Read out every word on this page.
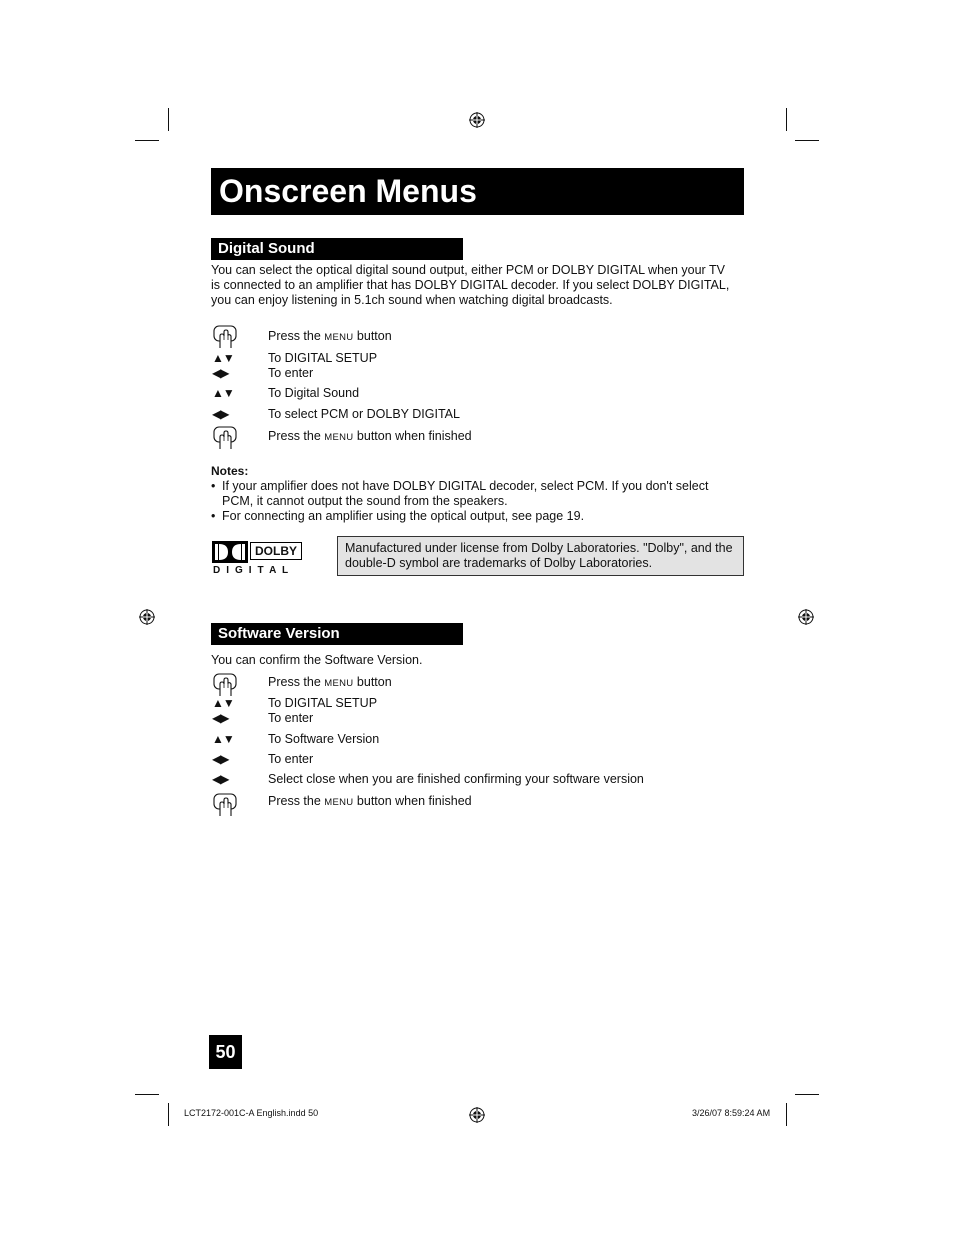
Onscreen Menus
Digital Sound
You can select the optical digital sound output, either PCM or DOLBY DIGITAL when your TV
is connected to an amplifier that has DOLBY DIGITAL decoder. If you select DOLBY DIGITAL,
you can enjoy listening in 5.1ch sound when watching digital broadcasts.
Press the MENU button
▲▼	To DIGITAL SETUP
◀▶	To enter
▲▼	To Digital Sound
◀▶	To select PCM or DOLBY DIGITAL
Press the MENU button when finished
Notes:
• If your amplifier does not have DOLBY DIGITAL decoder, select PCM. If you don't select PCM, it cannot output the sound from the speakers.
• For connecting an amplifier using the optical output, see page 19.
DOLBY
D I G I T A L
Manufactured under license from Dolby Laboratories. "Dolby", and the double-D symbol are trademarks of Dolby Laboratories.
Software Version
You can confirm the Software Version.
Press the MENU button
▲▼	To DIGITAL SETUP
◀▶	To enter
▲▼	To Software Version
◀▶	To enter
◀▶	Select close when you are finished confirming your software version
Press the MENU button when finished
50
LCT2172-001C-A English.indd 50	3/26/07 8:59:24 AM
